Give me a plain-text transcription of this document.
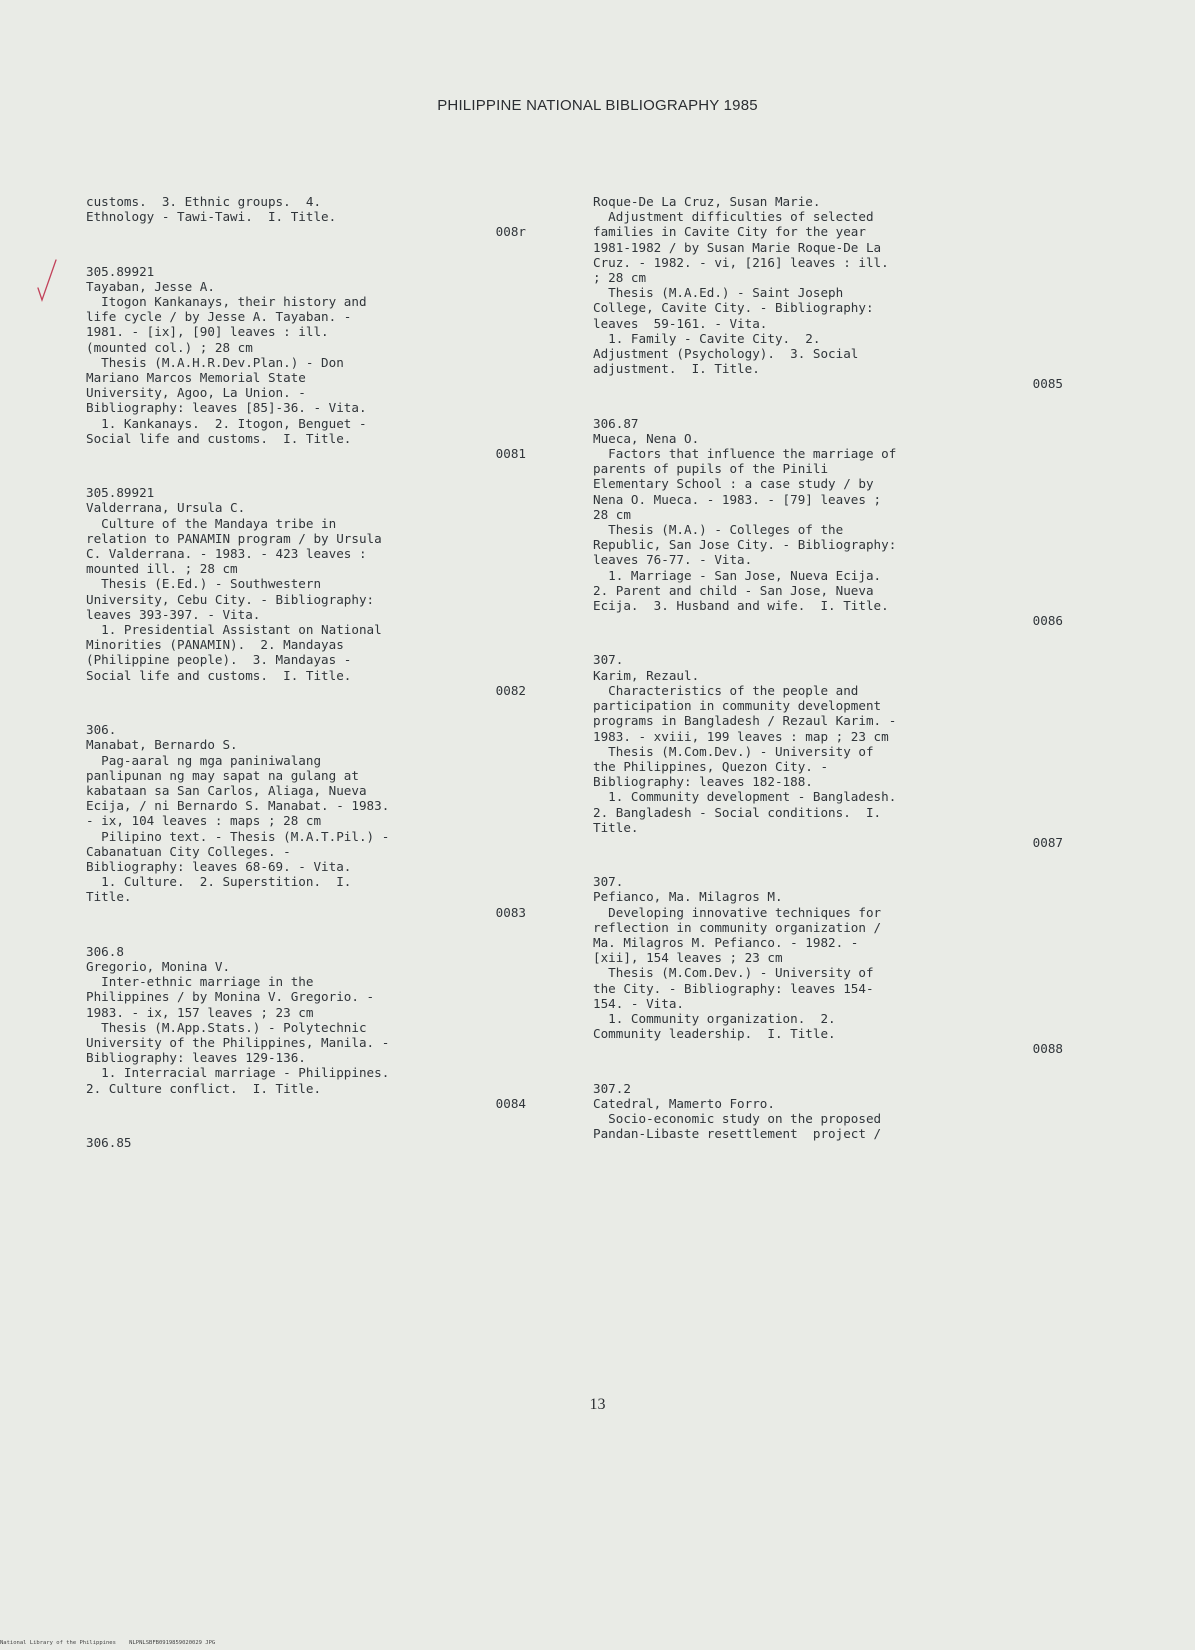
PHILIPPINE NATIONAL BIBLIOGRAPHY 1985
customs.  3. Ethnic groups.  4.
Ethnology - Tawi-Tawi.  I. Title.
008r
305.89921
Tayaban, Jesse A.
Itogon Kankanays, their history and
life cycle / by Jesse A. Tayaban. -
1981. - [ix], [90] leaves : ill.
(mounted col.) ; 28 cm
Thesis (M.A.H.R.Dev.Plan.) - Don
Mariano Marcos Memorial State
University, Agoo, La Union. -
Bibliography: leaves [85]-36. - Vita.
1. Kankanays.  2. Itogon, Benguet -
Social life and customs.  I. Title.
0081
305.89921
Valderrana, Ursula C.
Culture of the Mandaya tribe in
relation to PANAMIN program / by Ursula
C. Valderrana. - 1983. - 423 leaves :
mounted ill. ; 28 cm
Thesis (E.Ed.) - Southwestern
University, Cebu City. - Bibliography:
leaves 393-397. - Vita.
1. Presidential Assistant on National
Minorities (PANAMIN).  2. Mandayas
(Philippine people).  3. Mandayas -
Social life and customs.  I. Title.
0082
306.
Manabat, Bernardo S.
Pag-aaral ng mga paniniwalang
panlipunan ng may sapat na gulang at
kabataan sa San Carlos, Aliaga, Nueva
Ecija, / ni Bernardo S. Manabat. - 1983.
- ix, 104 leaves : maps ; 28 cm
Pilipino text. - Thesis (M.A.T.Pil.) -
Cabanatuan City Colleges. -
Bibliography: leaves 68-69. - Vita.
1. Culture.  2. Superstition.  I.
Title.
0083
306.8
Gregorio, Monina V.
Inter-ethnic marriage in the
Philippines / by Monina V. Gregorio. -
1983. - ix, 157 leaves ; 23 cm
Thesis (M.App.Stats.) - Polytechnic
University of the Philippines, Manila. -
Bibliography: leaves 129-136.
1. Interracial marriage - Philippines.
2. Culture conflict.  I. Title.
0084
306.85
Roque-De La Cruz, Susan Marie.
Adjustment difficulties of selected
families in Cavite City for the year
1981-1982 / by Susan Marie Roque-De La
Cruz. - 1982. - vi, [216] leaves : ill.
; 28 cm
Thesis (M.A.Ed.) - Saint Joseph
College, Cavite City. - Bibliography:
leaves  59-161. - Vita.
1. Family - Cavite City.  2.
Adjustment (Psychology).  3. Social
adjustment.  I. Title.
0085
306.87
Mueca, Nena O.
Factors that influence the marriage of
parents of pupils of the Pinili
Elementary School : a case study / by
Nena O. Mueca. - 1983. - [79] leaves ;
28 cm
Thesis (M.A.) - Colleges of the
Republic, San Jose City. - Bibliography:
leaves 76-77. - Vita.
1. Marriage - San Jose, Nueva Ecija.
2. Parent and child - San Jose, Nueva
Ecija.  3. Husband and wife.  I. Title.
0086
307.
Karim, Rezaul.
Characteristics of the people and
participation in community development
programs in Bangladesh / Rezaul Karim. -
1983. - xviii, 199 leaves : map ; 23 cm
Thesis (M.Com.Dev.) - University of
the Philippines, Quezon City. -
Bibliography: leaves 182-188.
1. Community development - Bangladesh.
2. Bangladesh - Social conditions.  I.
Title.
0087
307.
Pefianco, Ma. Milagros M.
Developing innovative techniques for
reflection in community organization /
Ma. Milagros M. Pefianco. - 1982. -
[xii], 154 leaves ; 23 cm
Thesis (M.Com.Dev.) - University of
the City. - Bibliography: leaves 154-
154. - Vita.
1. Community organization.  2.
Community leadership.  I. Title.
0088
307.2
Catedral, Mamerto Forro.
Socio-economic study on the proposed
Pandan-Libaste resettlement  project /
13
National Library of the Philippines    NLPNLSBFB0919859020029 JPG
